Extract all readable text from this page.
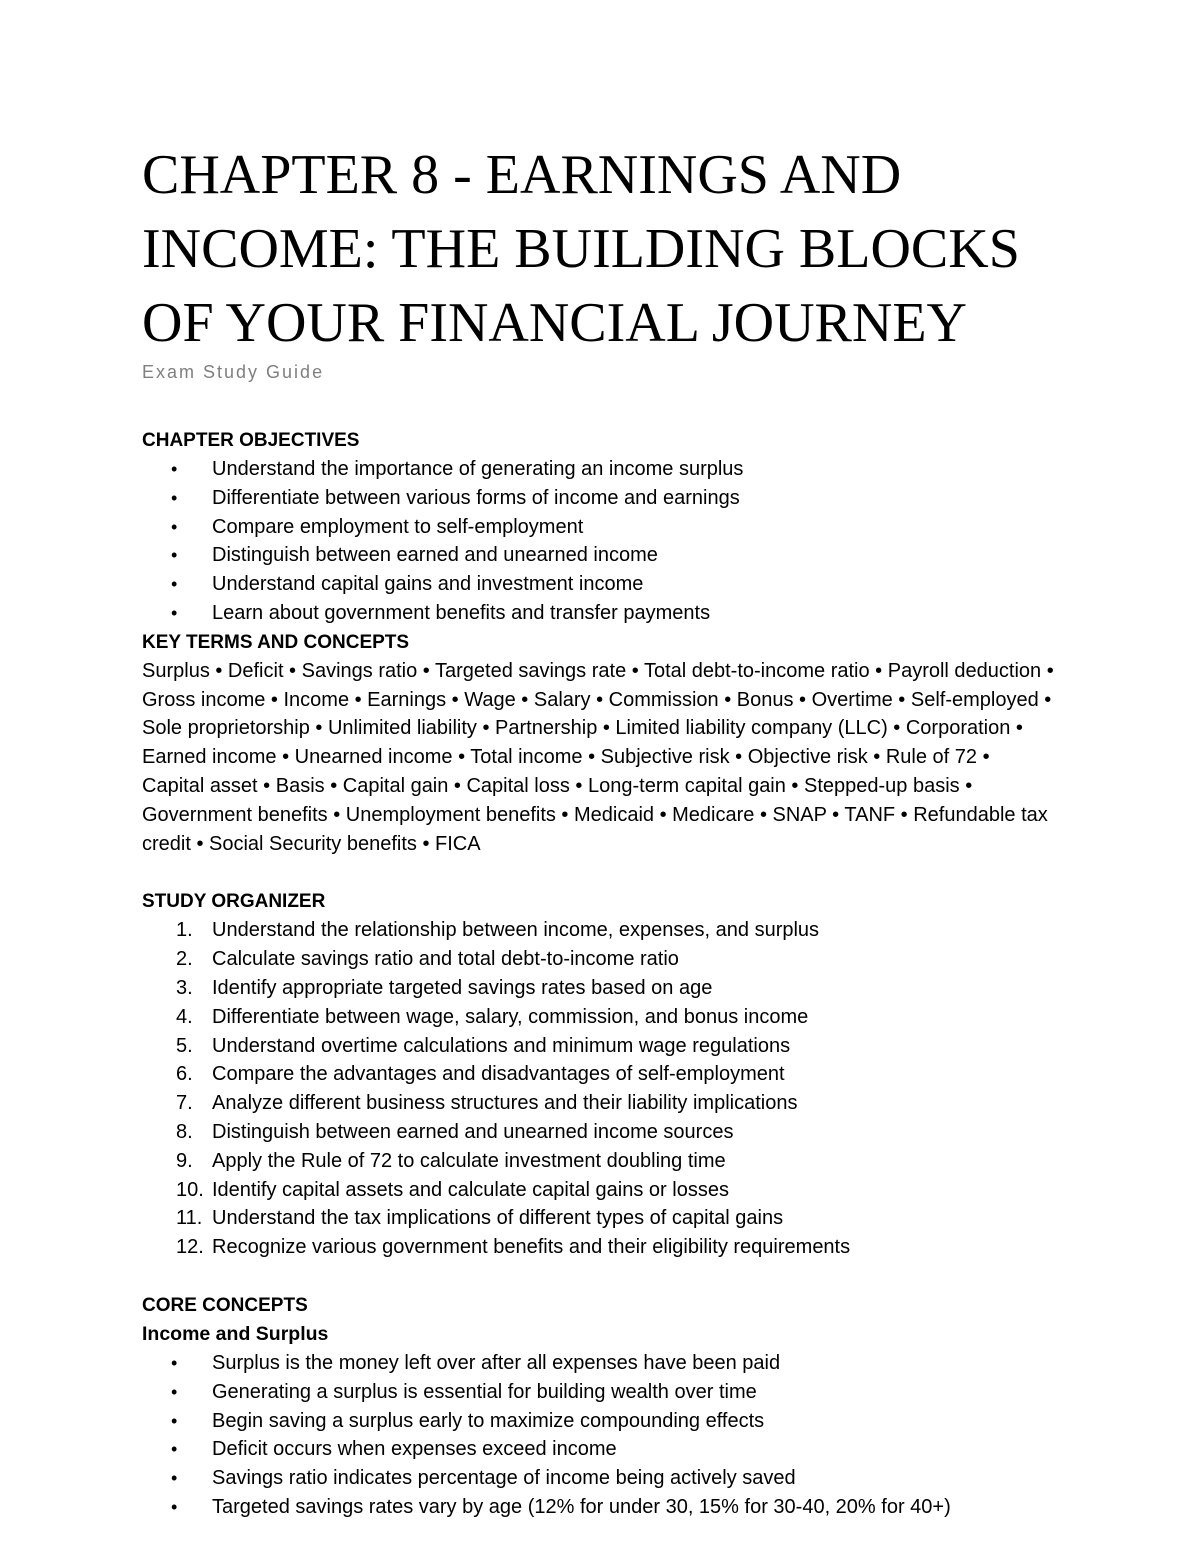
CHAPTER 8 - EARNINGS AND
INCOME: THE BUILDING BLOCKS
OF YOUR FINANCIAL JOURNEY
Exam Study Guide
CHAPTER OBJECTIVES
• Understand the importance of generating an income surplus
• Differentiate between various forms of income and earnings
• Compare employment to self-employment
• Distinguish between earned and unearned income
• Understand capital gains and investment income
• Learn about government benefits and transfer payments
KEY TERMS AND CONCEPTS

Surplus • Deficit • Savings ratio • Targeted savings rate • Total debt-to-income ratio • Payroll deduction • Gross income • Income • Earnings • Wage • Salary • Commission • Bonus • Overtime • Self-employed • Sole proprietorship • Unlimited liability • Partnership • Limited liability company (LLC) • Corporation • Earned income • Unearned income • Total income • Subjective risk • Objective risk • Rule of 72 • Capital asset • Basis • Capital gain • Capital loss • Long-term capital gain • Stepped-up basis • Government benefits • Unemployment benefits • Medicaid • Medicare • SNAP • TANF • Refundable tax credit • Social Security benefits • FICA

STUDY ORGANIZER
1. Understand the relationship between income, expenses, and surplus
2. Calculate savings ratio and total debt-to-income ratio
3. Identify appropriate targeted savings rates based on age
4. Differentiate between wage, salary, commission, and bonus income
5. Understand overtime calculations and minimum wage regulations
6. Compare the advantages and disadvantages of self-employment
7. Analyze different business structures and their liability implications
8. Distinguish between earned and unearned income sources
9. Apply the Rule of 72 to calculate investment doubling time
10. Identify capital assets and calculate capital gains or losses
11. Understand the tax implications of different types of capital gains
12. Recognize various government benefits and their eligibility requirements
CORE CONCEPTS
Income and Surplus
• Surplus is the money left over after all expenses have been paid
• Generating a surplus is essential for building wealth over time
• Begin saving a surplus early to maximize compounding effects
• Deficit occurs when expenses exceed income
• Savings ratio indicates percentage of income being actively saved
• Targeted savings rates vary by age (12% for under 30, 15% for 30-40, 20% for 40+)
